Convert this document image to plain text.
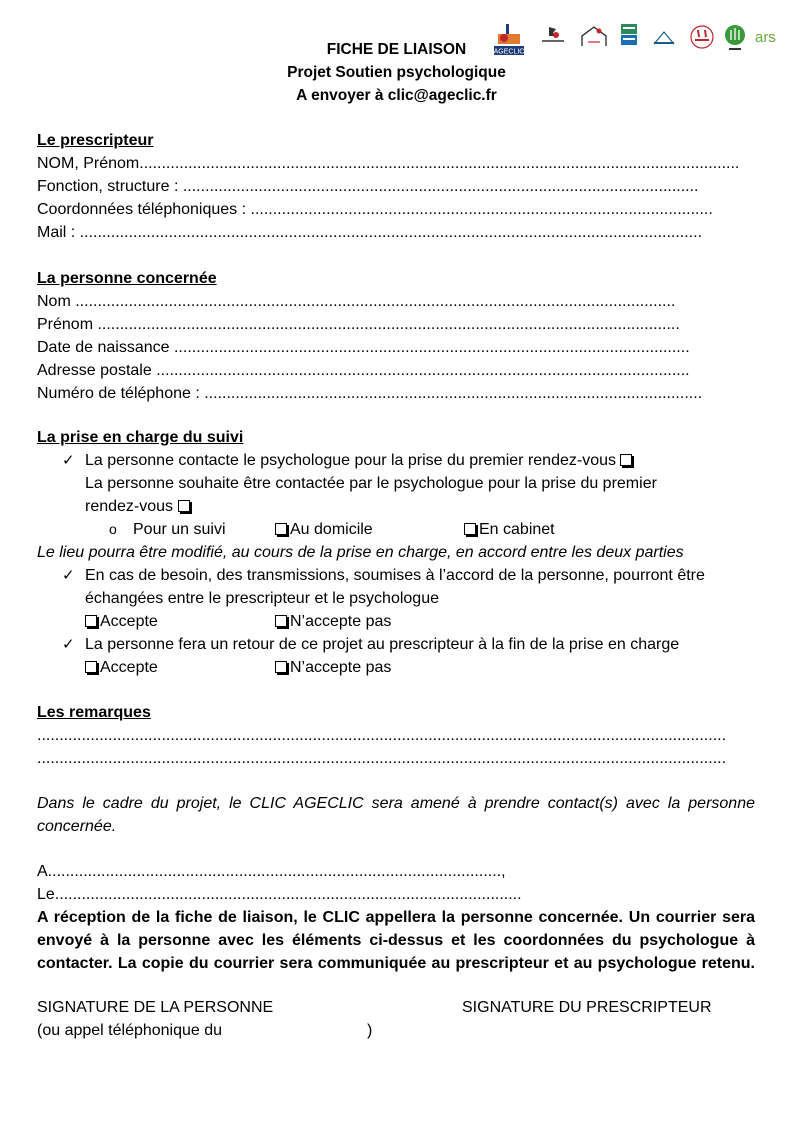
AGECLIC
ars
FICHE DE LIAISON
Projet Soutien psychologique
A envoyer à clic@ageclic.fr
Le prescripteur
NOM, Prénom.......................................................................................................................................
Fonction, structure : ....................................................................................................................
Coordonnées téléphoniques : ........................................................................................................
Mail : ............................................................................................................................................
La personne concernée
Nom .......................................................................................................................................
Prénom ...................................................................................................................................
Date de naissance ....................................................................................................................
Adresse postale ........................................................................................................................
Numéro de téléphone : ................................................................................................................
La prise en charge du suivi
✓ La personne contacte le psychologue pour la prise du premier rendez-vous
La personne souhaite être contactée par le psychologue pour la prise du premier
rendez-vous
o Pour un suivi	Au domicile	En cabinet
Le lieu pourra être modifié, au cours de la prise en charge, en accord entre les deux parties
✓ En cas de besoin, des transmissions, soumises à l’accord de la personne, pourront être
échangées entre le prescripteur et le psychologue
Accepte	N’accepte pas
✓ La personne fera un retour de ce projet au prescripteur à la fin de la prise en charge
Accepte	N’accepte pas
Les remarques
...........................................................................................................................................................
...........................................................................................................................................................
Dans le cadre du projet, le CLIC AGECLIC sera amené à prendre contact(s) avec la personne concernée.
A......................................................................................................,
Le.........................................................................................................
A réception de la fiche de liaison, le CLIC appellera la personne concernée. Un courrier sera envoyé à la personne avec les éléments ci-dessus et les coordonnées du psychologue à contacter. La copie du courrier sera communiquée au prescripteur et au psychologue retenu.
SIGNATURE DE LA PERSONNE	SIGNATURE DU PRESCRIPTEUR
(ou appel téléphonique du	)
